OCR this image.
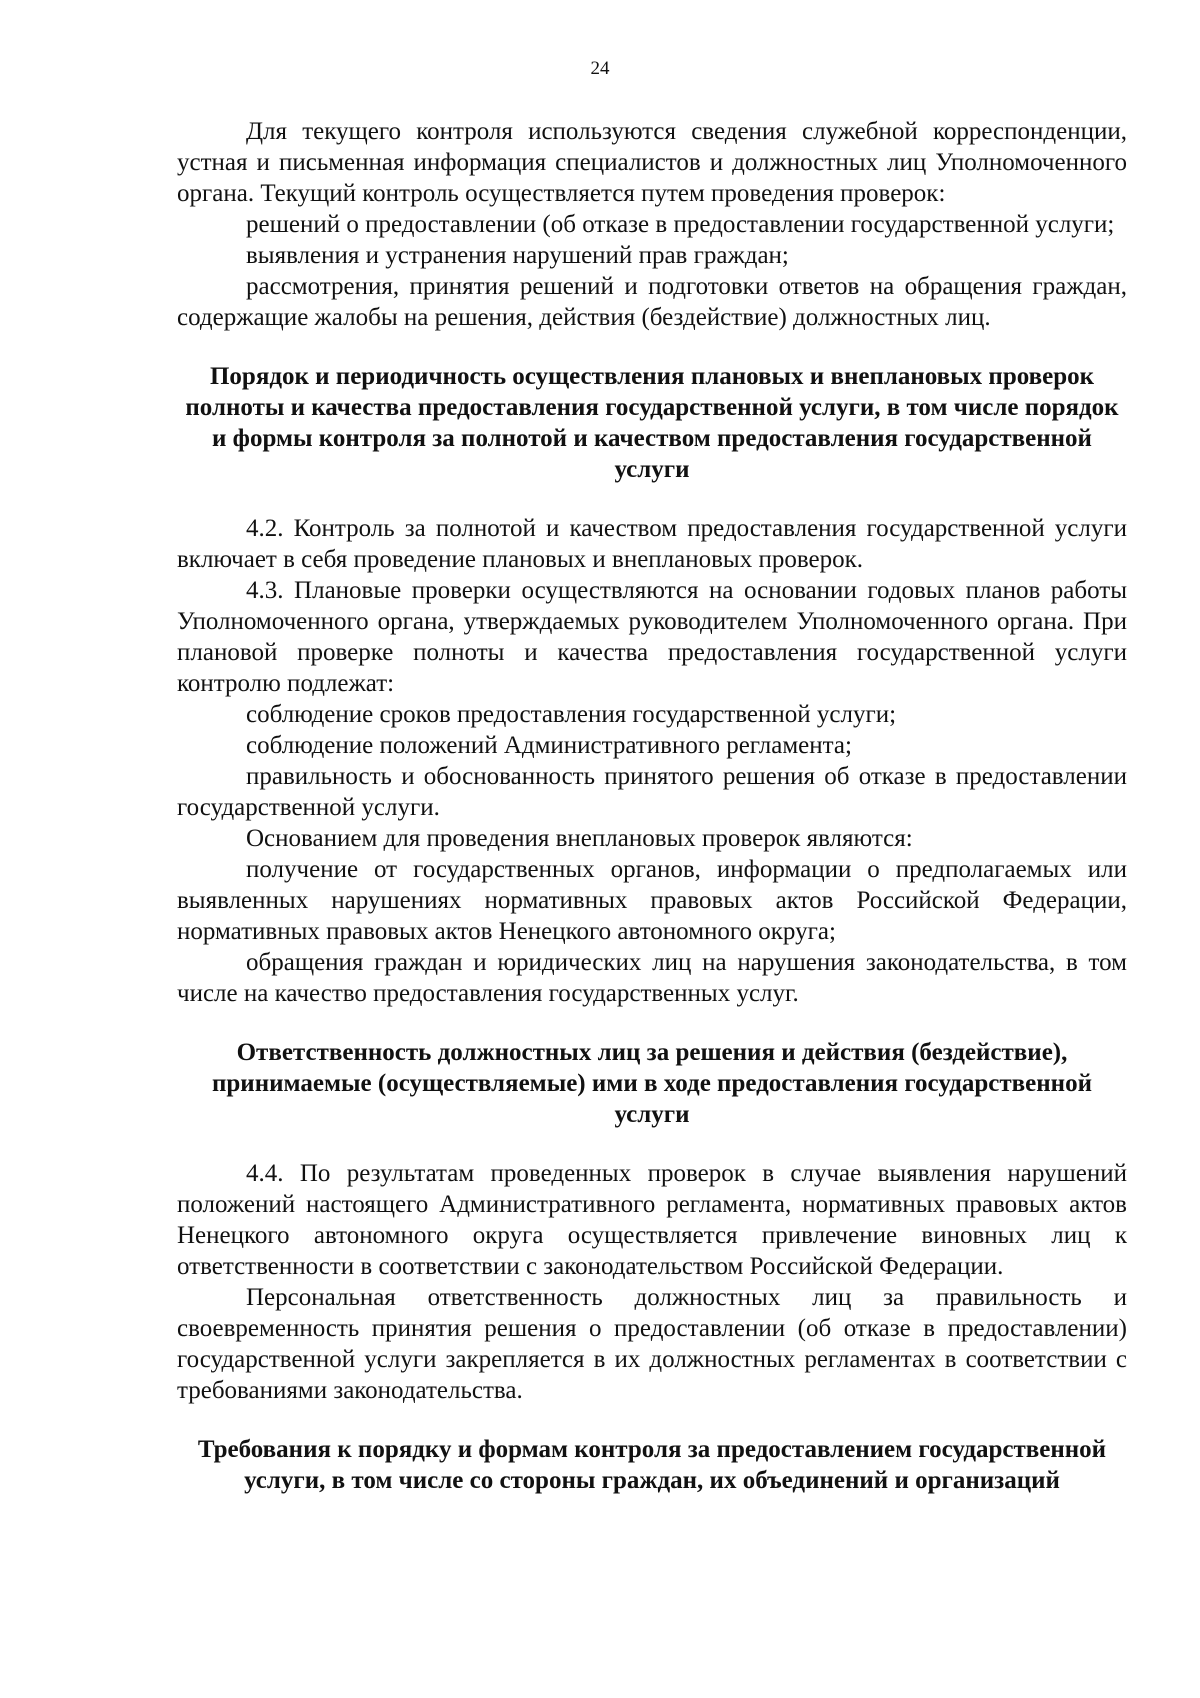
24

Для текущего контроля используются сведения служебной корреспонденции, устная и письменная информация специалистов и должностных лиц Уполномоченного органа. Текущий контроль осуществляется путем проведения проверок:

решений о предоставлении (об отказе в предоставлении государственной услуги;

выявления и устранения нарушений прав граждан;

рассмотрения, принятия решений и подготовки ответов на обращения граждан, содержащие жалобы на решения, действия (бездействие) должностных лиц.

Порядок и периодичность осуществления плановых и внеплановых проверок полноты и качества предоставления государственной услуги, в том числе порядок и формы контроля за полнотой и качеством предоставления государственной услуги

4.2. Контроль за полнотой и качеством предоставления государственной услуги включает в себя проведение плановых и внеплановых проверок.

4.3. Плановые проверки осуществляются на основании годовых планов работы Уполномоченного органа, утверждаемых руководителем Уполномоченного органа. При плановой проверке полноты и качества предоставления государственной услуги контролю подлежат:

соблюдение сроков предоставления государственной услуги;

соблюдение положений Административного регламента;

правильность и обоснованность принятого решения об отказе в предоставлении государственной услуги.

Основанием для проведения внеплановых проверок являются:

получение от государственных органов, информации о предполагаемых или выявленных нарушениях нормативных правовых актов Российской Федерации, нормативных правовых актов Ненецкого автономного округа;

обращения граждан и юридических лиц на нарушения законодательства, в том числе на качество предоставления государственных услуг.

Ответственность должностных лиц за решения и действия (бездействие), принимаемые (осуществляемые) ими в ходе предоставления государственной услуги

4.4. По результатам проведенных проверок в случае выявления нарушений положений настоящего Административного регламента, нормативных правовых актов Ненецкого автономного округа осуществляется привлечение виновных лиц к ответственности в соответствии с законодательством Российской Федерации.

Персональная ответственность должностных лиц за правильность и своевременность принятия решения о предоставлении (об отказе в предоставлении) государственной услуги закрепляется в их должностных регламентах в соответствии с требованиями законодательства.

Требования к порядку и формам контроля за предоставлением государственной услуги, в том числе со стороны граждан, их объединений и организаций
